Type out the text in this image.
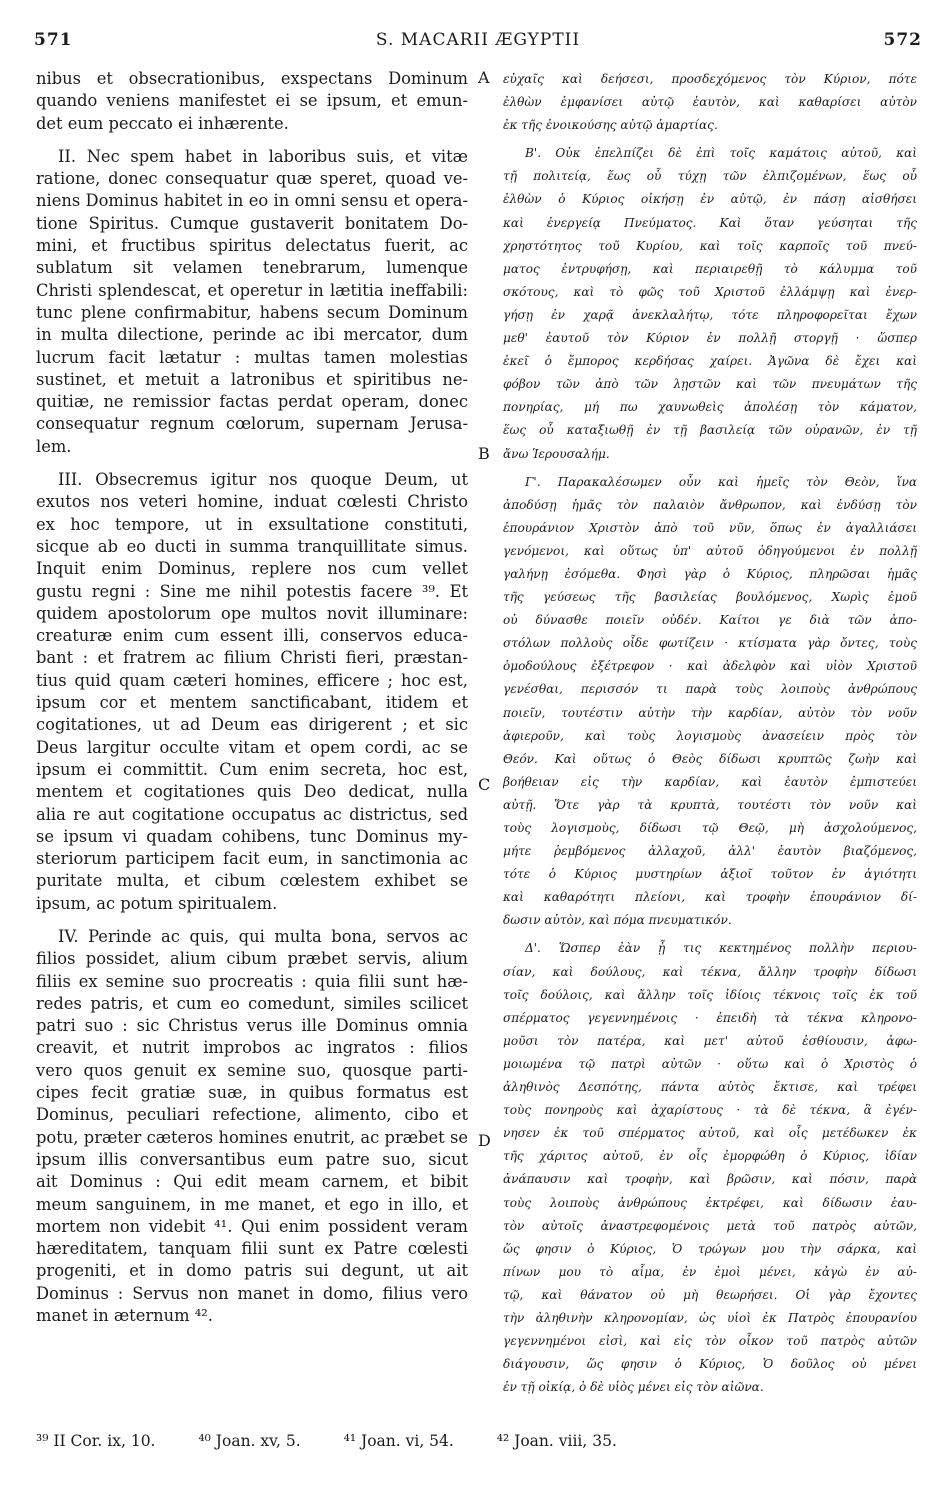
571	S. MACARII ÆGYPTII	572
nibus et obsecrationibus, exspectans Dominum
quando veniens manifestet ei se ipsum, et emun-
det eum peccato ei inhærente.
II. Nec spem habet in laboribus suis, et vitæ
ratione, donec consequatur quæ speret, quoad ve-
niens Dominus habitet in eo in omni sensu et opera-
tione Spiritus. Cumque gustaverit bonitatem Do-
mini, et fructibus spiritus delectatus fuerit, ac
sublatum sit velamen tenebrarum, lumenque
Christi splendescat, et operetur in lætitia ineffabili:
tunc plene confirmabitur, habens secum Dominum
in multa dilectione, perinde ac ibi mercator, dum
lucrum facit lætatur : multas tamen molestias
sustinet, et metuit a latronibus et spiritibus ne-
quitiæ, ne remissior factas perdat operam, donec
consequatur regnum cœlorum, supernam Jerusa-
lem.
III. Obsecremus igitur nos quoque Deum, ut
exutos nos veteri homine, induat cœlesti Christo
ex hoc tempore, ut in exsultatione constituti,
sicque ab eo ducti in summa tranquillitate simus.
Inquit enim Dominus, replere nos cum vellet
gustu regni : Sine me nihil potestis facere ³⁹. Et
quidem apostolorum ope multos novit illuminare:
creaturæ enim cum essent illi, conservos educa-
bant : et fratrem ac filium Christi fieri, præstan-
tius quid quam cæteri homines, efficere ; hoc est,
ipsum cor et mentem sanctificabant, itidem et
cogitationes, ut ad Deum eas dirigerent ; et sic
Deus largitur occulte vitam et opem cordi, ac se
ipsum ei committit. Cum enim secreta, hoc est,
mentem et cogitationes quis Deo dedicat, nulla
alia re aut cogitatione occupatus ac districtus, sed
se ipsum vi quadam cohibens, tunc Dominus my-
steriorum participem facit eum, in sanctimonia ac
puritate multa, et cibum cœlestem exhibet se
ipsum, ac potum spiritualem.
IV. Perinde ac quis, qui multa bona, servos ac
filios possidet, alium cibum præbet servis, alium
filiis ex semine suo procreatis : quia filii sunt hæ-
redes patris, et cum eo comedunt, similes scilicet
patri suo : sic Christus verus ille Dominus omnia
creavit, et nutrit improbos ac ingratos : filios
vero quos genuit ex semine suo, quosque parti-
cipes fecit gratiæ suæ, in quibus formatus est
Dominus, peculiari refectione, alimento, cibo et
potu, præter cæteros homines enutrit, ac præbet se
ipsum illis conversantibus eum patre suo, sicut
ait Dominus : Qui edit meam carnem, et bibit
meum sanguinem, in me manet, et ego in illo, et
mortem non videbit ⁴¹. Qui enim possident veram
hæreditatem, tanquam filii sunt ex Patre cœlesti
progeniti, et in domo patris sui degunt, ut ait
Dominus : Servus non manet in domo, filius vero
manet in æternum ⁴².
εὐχαῖς καὶ δεήσεσι, προσδεχόμενος τὸν Κύριον, πότε
ἐλθὼν ἐμφανίσει αὐτῷ ἑαυτὸν, καὶ καθαρίσει αὐτὸν
ἐκ τῆς ἐνοικούσης αὐτῷ ἁμαρτίας.
Β'. Οὐκ ἐπελπίζει δὲ ἐπὶ τοῖς καμάτοις αὐτοῦ, καὶ
τῇ πολιτείᾳ, ἕως οὗ τύχῃ τῶν ἐλπιζομένων, ἕως οὗ
ἐλθὼν ὁ Κύριος οἰκήσῃ ἐν αὐτῷ, ἐν πάσῃ αἰσθήσει
καὶ ἐνεργείᾳ Πνεύματος. Καὶ ὅταν γεύσηται τῆς
χρηστότητος τοῦ Κυρίου, καὶ τοῖς καρποῖς τοῦ πνεύ-
ματος ἐντρυφήσῃ, καὶ περιαιρεθῇ τὸ κάλυμμα τοῦ
σκότους, καὶ τὸ φῶς τοῦ Χριστοῦ ἐλλάμψῃ καὶ ἐνερ-
γήσῃ ἐν χαρᾷ ἀνεκλαλήτῳ, τότε πληροφορεῖται ἔχων
μεθ' ἑαυτοῦ τὸν Κύριον ἐν πολλῇ στοργῇ · ὥσπερ
ἐκεῖ ὁ ἔμπορος κερδήσας χαίρει. Ἀγῶνα δὲ ἔχει καὶ
φόβον τῶν ἀπὸ τῶν λῃστῶν καὶ τῶν πνευμάτων τῆς
πονηρίας, μή πω χαυνωθεὶς ἀπολέσῃ τὸν κάματον,
ἕως οὗ καταξιωθῇ ἐν τῇ βασιλείᾳ τῶν οὐρανῶν, ἐν τῇ
ἄνω Ἱερουσαλήμ.
Γ'. Παρακαλέσωμεν οὖν καὶ ἡμεῖς τὸν Θεὸν, ἵνα
ἀποδύσῃ ἡμᾶς τὸν παλαιὸν ἄνθρωπον, καὶ ἐνδύσῃ τὸν
ἐπουράνιον Χριστὸν ἀπὸ τοῦ νῦν, ὅπως ἐν ἀγαλλιάσει
γενόμενοι, καὶ οὕτως ὑπ' αὐτοῦ ὁδηγούμενοι ἐν πολλῇ
γαλήνῃ ἐσόμεθα. Φησὶ γὰρ ὁ Κύριος, πληρῶσαι ἡμᾶς
τῆς γεύσεως τῆς βασιλείας βουλόμενος, Χωρὶς ἐμοῦ
οὐ δύνασθε ποιεῖν οὐδέν. Καίτοι γε διὰ τῶν ἀπο-
στόλων πολλοὺς οἶδε φωτίζειν · κτίσματα γὰρ ὄντες, τοὺς
ὁμοδούλους ἐξέτρεφον · καὶ ἀδελφὸν καὶ υἱὸν Χριστοῦ
γενέσθαι, περισσόν τι παρὰ τοὺς λοιποὺς ἀνθρώπους
ποιεῖν, τουτέστιν αὐτὴν τὴν καρδίαν, αὐτὸν τὸν νοῦν
ἁφιεροῦν, καὶ τοὺς λογισμοὺς ἀνασείειν πρὸς τὸν
Θεόν. Καὶ οὕτως ὁ Θεὸς δίδωσι κρυπτῶς ζωὴν καὶ
βοήθειαν εἰς τὴν καρδίαν, καὶ ἑαυτὸν ἐμπιστεύει
αὐτῇ. Ὅτε γὰρ τὰ κρυπτὰ, τουτέστι τὸν νοῦν καὶ
τοὺς λογισμοὺς, δίδωσι τῷ Θεῷ, μὴ ἀσχολούμενος,
μήτε ῥεμβόμενος ἀλλαχοῦ, ἀλλ' ἑαυτὸν βιαζόμενος,
τότε ὁ Κύριος μυστηρίων ἀξιοῖ τοῦτον ἐν ἁγιότητι
καὶ καθαρότητι πλείονι, καὶ τροφὴν ἐπουράνιον δί-
δωσιν αὐτὸν, καὶ πόμα πνευματικόν.
Δ'. Ὥσπερ ἐὰν ᾖ τις κεκτημένος πολλὴν περιου-
σίαν, καὶ δούλους, καὶ τέκνα, ἄλλην τροφὴν δίδωσι
τοῖς δούλοις, καὶ ἄλλην τοῖς ἰδίοις τέκνοις τοῖς ἐκ τοῦ
σπέρματος γεγεννημένοις · ἐπειδὴ τὰ τέκνα κληρονο-
μοῦσι τὸν πατέρα, καὶ μετ' αὐτοῦ ἐσθίουσιν, ἀφω-
μοιωμένα τῷ πατρὶ αὐτῶν · οὕτω καὶ ὁ Χριστὸς ὁ
ἀληθινὸς Δεσπότης, πάντα αὐτὸς ἔκτισε, καὶ τρέφει
τοὺς πονηροὺς καὶ ἀχαρίστους · τὰ δὲ τέκνα, ἃ ἐγέν-
νησεν ἐκ τοῦ σπέρματος αὐτοῦ, καὶ οἷς μετέδωκεν ἐκ
τῆς χάριτος αὐτοῦ, ἐν οἷς ἐμορφώθη ὁ Κύριος, ἰδίαν
ἀνάπαυσιν καὶ τροφὴν, καὶ βρῶσιν, καὶ πόσιν, παρὰ
τοὺς λοιποὺς ἀνθρώπους ἐκτρέφει, καὶ δίδωσιν ἑαυ-
τὸν αὐτοῖς ἀναστρεφομένοις μετὰ τοῦ πατρὸς αὐτῶν,
ὥς φησιν ὁ Κύριος, Ὁ τρώγων μου τὴν σάρκα, καὶ
πίνων μου τὸ αἷμα, ἐν ἐμοὶ μένει, κἀγὼ ἐν αὐ-
τῷ, καὶ θάνατον οὐ μὴ θεωρήσει. Οἱ γὰρ ἔχοντες
τὴν ἀληθινὴν κληρονομίαν, ὡς υἱοὶ ἐκ Πατρὸς ἐπουρανίου
γεγεννημένοι εἰσὶ, καὶ εἰς τὸν οἶκον τοῦ πατρὸς αὐτῶν
διάγουσιν, ὥς φησιν ὁ Κύριος, Ὁ δοῦλος οὐ μένει
ἐν τῇ οἰκίᾳ, ὁ δὲ υἱὸς μένει εἰς τὸν αἰῶνα.
A
B
C
D
³⁹ II Cor. ix, 10.	⁴⁰ Joan. xv, 5.	⁴¹ Joan. vi, 54.	⁴² Joan. viii, 35.
